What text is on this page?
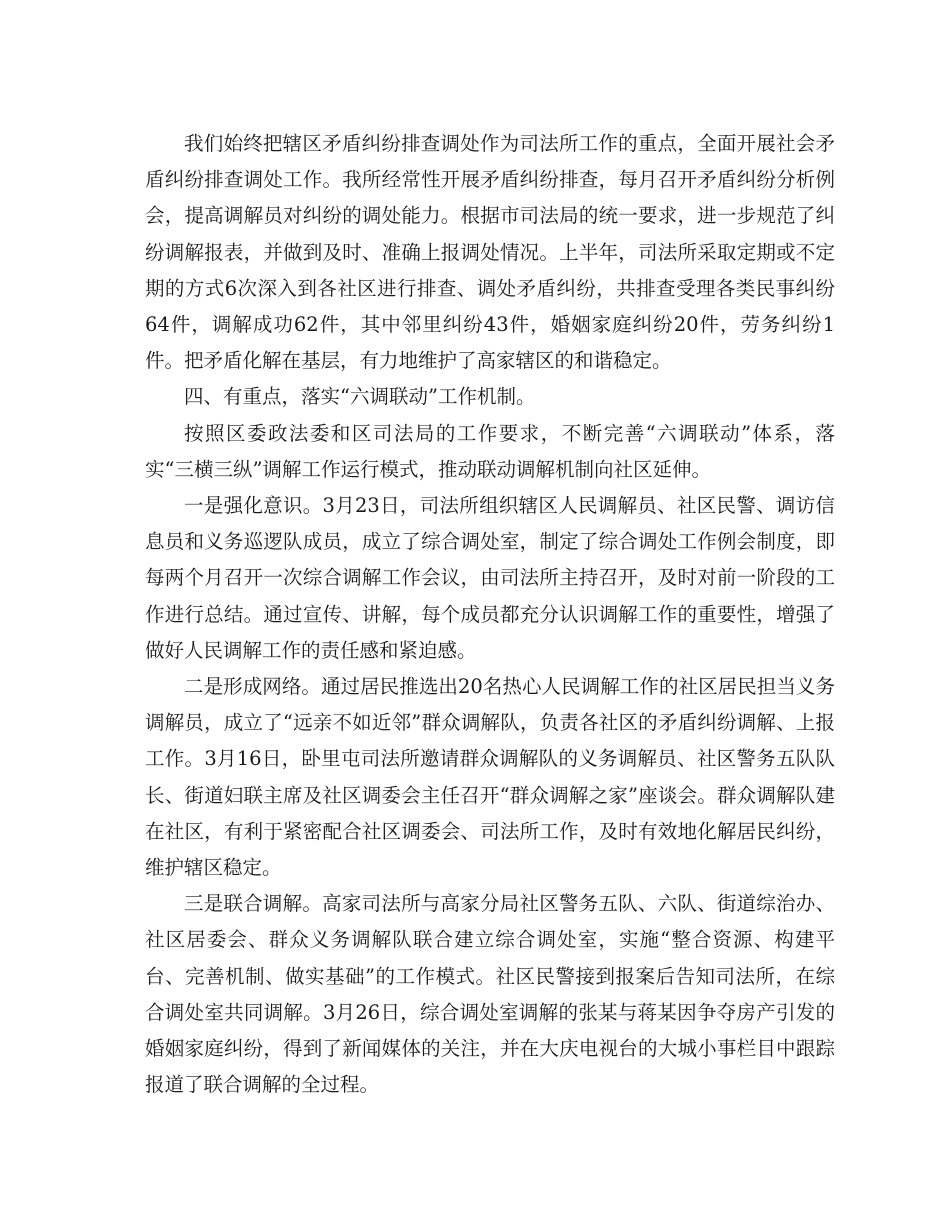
我们始终把辖区矛盾纠纷排查调处作为司法所工作的重点，全面开展社会矛盾纠纷排查调处工作。我所经常性开展矛盾纠纷排查，每月召开矛盾纠纷分析例会，提高调解员对纠纷的调处能力。根据市司法局的统一要求，进一步规范了纠纷调解报表，并做到及时、准确上报调处情况。上半年，司法所采取定期或不定期的方式6次深入到各社区进行排查、调处矛盾纠纷，共排查受理各类民事纠纷64件，调解成功62件，其中邻里纠纷43件，婚姻家庭纠纷20件，劳务纠纷1件。把矛盾化解在基层，有力地维护了高家辖区的和谐稳定。

四、有重点，落实“六调联动”工作机制。

按照区委政法委和区司法局的工作要求，不断完善“六调联动”体系，落实“三横三纵”调解工作运行模式，推动联动调解机制向社区延伸。

一是强化意识。3月23日，司法所组织辖区人民调解员、社区民警、调访信息员和义务巡逻队成员，成立了综合调处室，制定了综合调处工作例会制度，即每两个月召开一次综合调解工作会议，由司法所主持召开，及时对前一阶段的工作进行总结。通过宣传、讲解，每个成员都充分认识调解工作的重要性，增强了做好人民调解工作的责任感和紧迫感。

二是形成网络。通过居民推选出20名热心人民调解工作的社区居民担当义务调解员，成立了“远亲不如近邻”群众调解队，负责各社区的矛盾纠纷调解、上报工作。3月16日，卧里屯司法所邀请群众调解队的义务调解员、社区警务五队队长、街道妇联主席及社区调委会主任召开“群众调解之家”座谈会。群众调解队建在社区，有利于紧密配合社区调委会、司法所工作，及时有效地化解居民纠纷，维护辖区稳定。

三是联合调解。高家司法所与高家分局社区警务五队、六队、街道综治办、社区居委会、群众义务调解队联合建立综合调处室，实施“整合资源、构建平台、完善机制、做实基础”的工作模式。社区民警接到报案后告知司法所，在综合调处室共同调解。3月26日，综合调处室调解的张某与蒋某因争夺房产引发的婚姻家庭纠纷，得到了新闻媒体的关注，并在大庆电视台的大城小事栏目中跟踪报道了联合调解的全过程。
